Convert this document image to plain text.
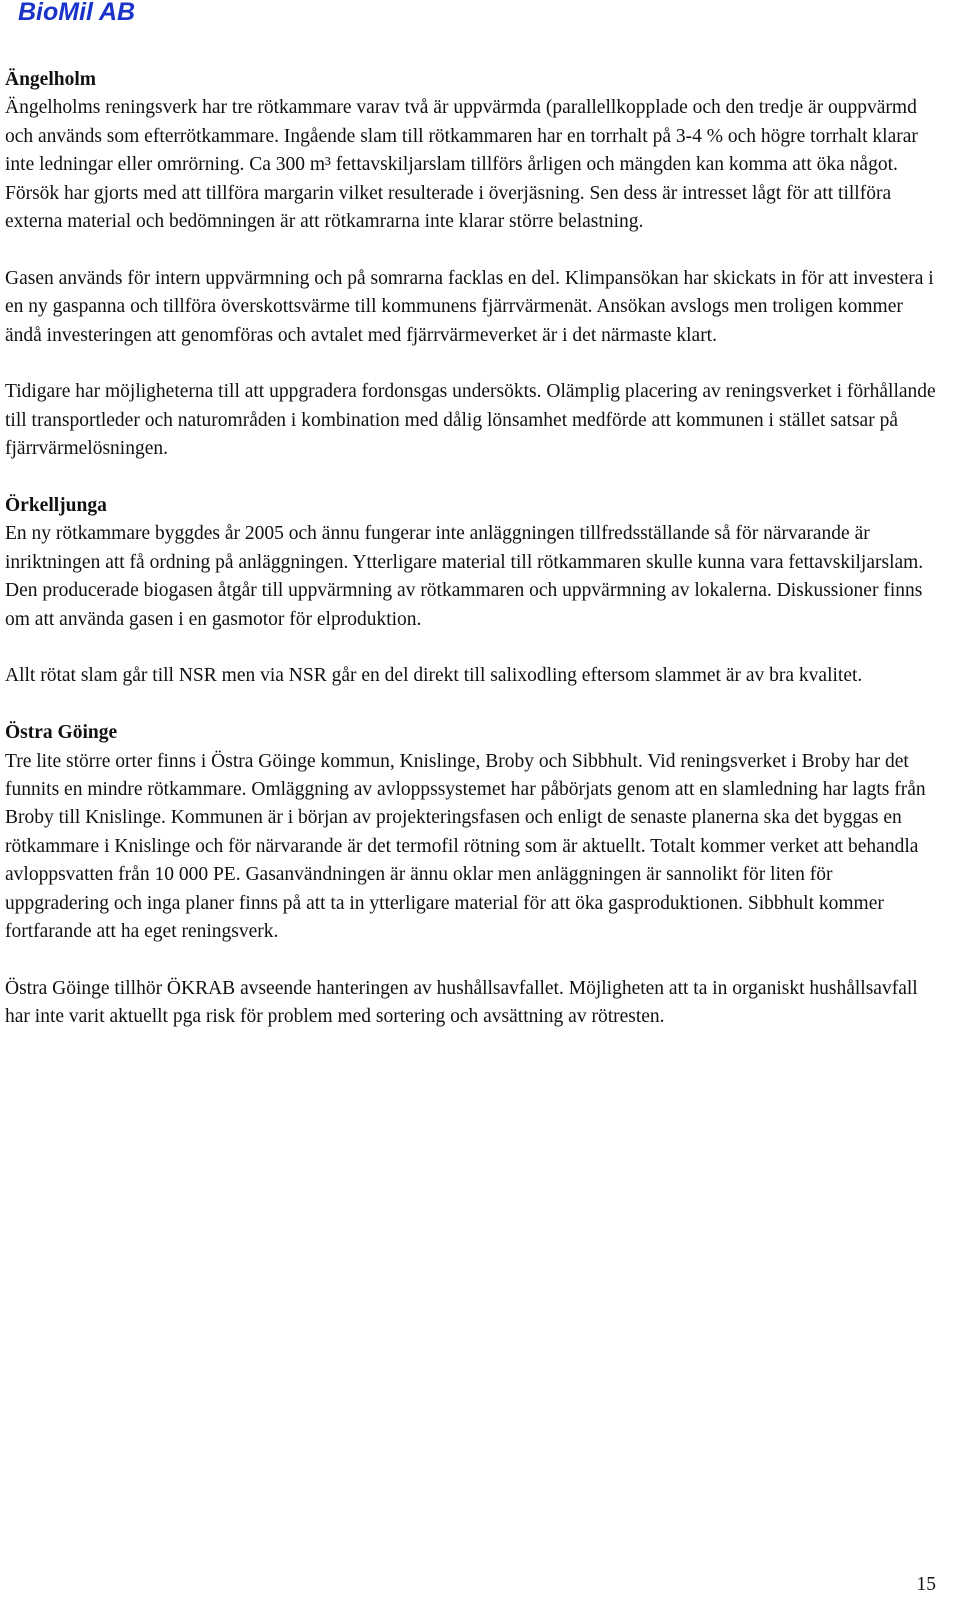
BioMil AB
Ängelholm

Ängelholms reningsverk har tre rötkammare varav två är uppvärmda (parallellkopplade och den tredje är ouppvärmd och används som efterrötkammare. Ingående slam till rötkammaren har en torrhalt på 3-4 % och högre torrhalt klarar inte ledningar eller omrörning. Ca 300 m³ fettavskiljarslam tillförs årligen och mängden kan komma att öka något. Försök har gjorts med att tillföra margarin vilket resulterade i överjäsning. Sen dess är intresset lågt för att tillföra externa material och bedömningen är att rötkamrarna inte klarar större belastning.

Gasen används för intern uppvärmning och på somrarna facklas en del. Klimpansökan har skickats in för att investera i en ny gaspanna och tillföra överskottsvärme till kommunens fjärrvärmenät. Ansökan avslogs men troligen kommer ändå investeringen att genomföras och avtalet med fjärrvärmeverket är i det närmaste klart.

Tidigare har möjligheterna till att uppgradera fordonsgas undersökts. Olämplig placering av reningsverket i förhållande till transportleder och naturområden i kombination med dålig lönsamhet medförde att kommunen i stället satsar på fjärrvärmelösningen.

Örkelljunga

En ny rötkammare byggdes år 2005 och ännu fungerar inte anläggningen tillfredsställande så för närvarande är inriktningen att få ordning på anläggningen. Ytterligare material till rötkammaren skulle kunna vara fettavskiljarslam. Den producerade biogasen åtgår till uppvärmning av rötkammaren och uppvärmning av lokalerna. Diskussioner finns om att använda gasen i en gasmotor för elproduktion.

Allt rötat slam går till NSR men via NSR går en del direkt till salixodling eftersom slammet är av bra kvalitet.

Östra Göinge

Tre lite större orter finns i Östra Göinge kommun, Knislinge, Broby och Sibbhult. Vid reningsverket i Broby har det funnits en mindre rötkammare. Omläggning av avloppssystemet har påbörjats genom att en slamledning har lagts från Broby till Knislinge. Kommunen är i början av projekteringsfasen och enligt de senaste planerna ska det byggas en rötkammare i Knislinge och för närvarande är det termofil rötning som är aktuellt. Totalt kommer verket att behandla avloppsvatten från 10 000 PE. Gasanvändningen är ännu oklar men anläggningen är sannolikt för liten för uppgradering och inga planer finns på att ta in ytterligare material för att öka gasproduktionen. Sibbhult kommer fortfarande att ha eget reningsverk.

Östra Göinge tillhör ÖKRAB avseende hanteringen av hushållsavfallet. Möjligheten att ta in organiskt hushållsavfall har inte varit aktuellt pga risk för problem med sortering och avsättning av rötresten.

15
